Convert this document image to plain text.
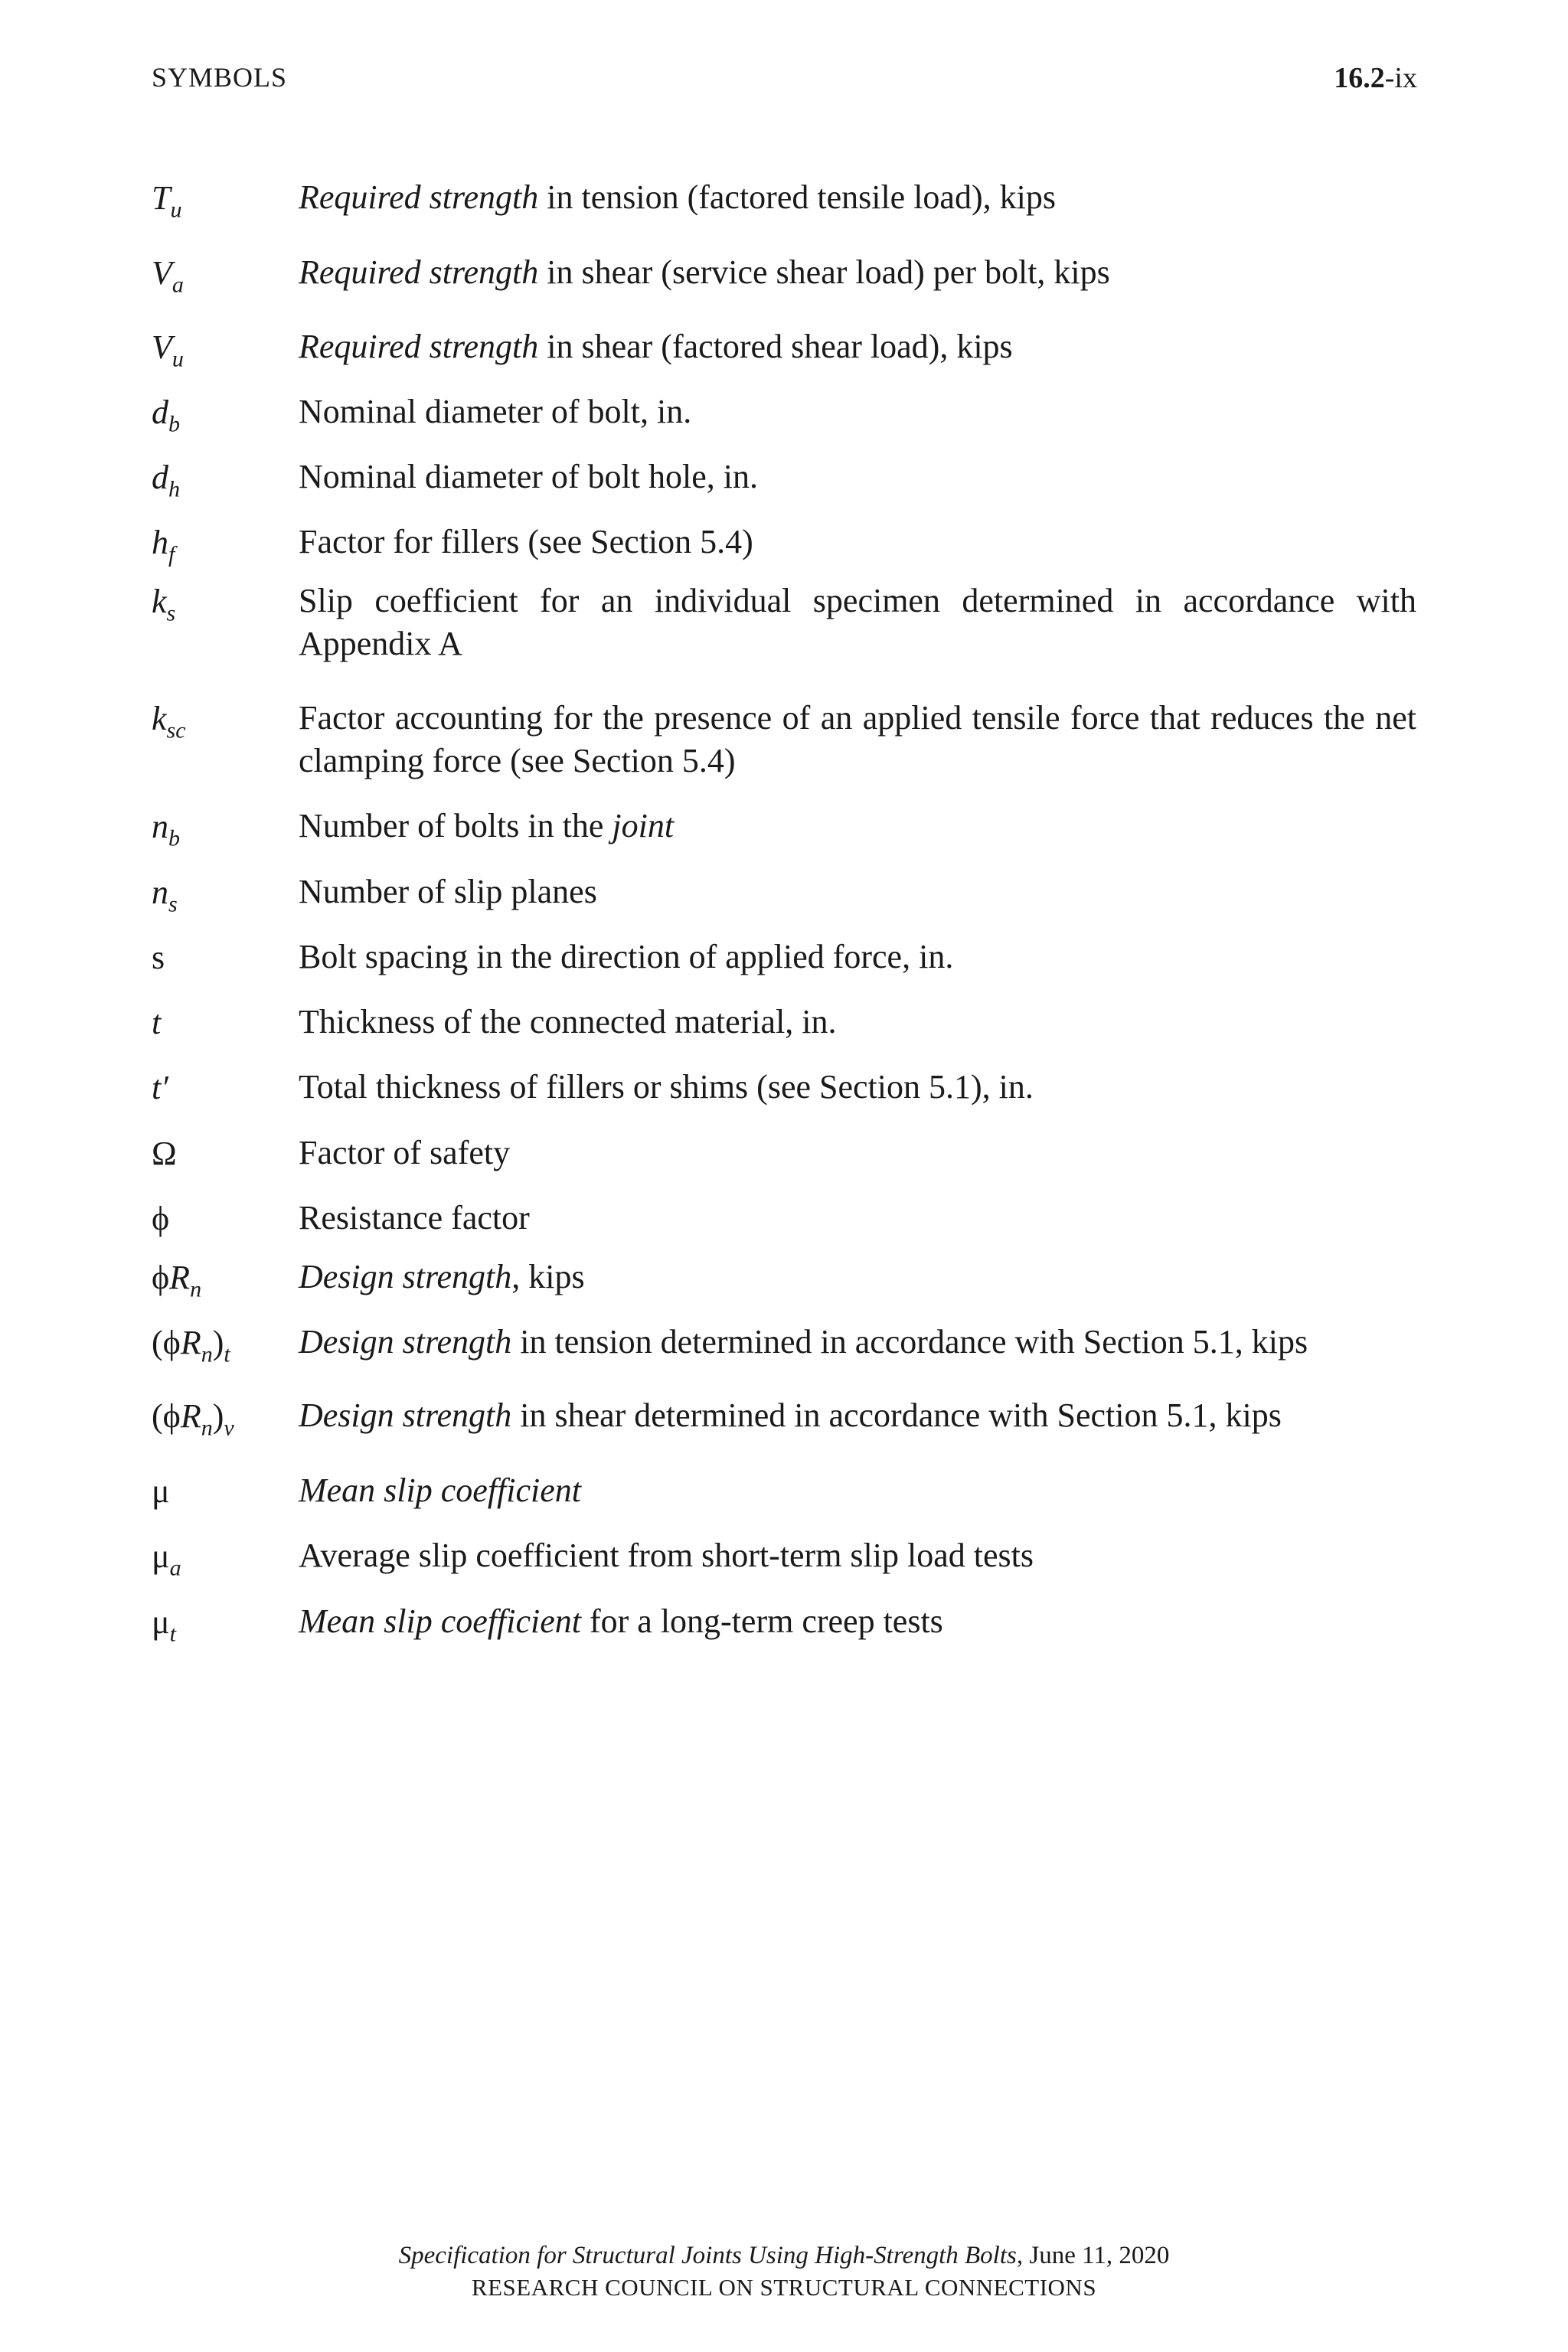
SYMBOLS	16.2-ix
$T_u$	Required strength in tension (factored tensile load), kips
$V_a$	Required strength in shear (service shear load) per bolt, kips
$V_u$	Required strength in shear (factored shear load), kips
$d_b$	Nominal diameter of bolt, in.
$d_h$	Nominal diameter of bolt hole, in.
$h_f$	Factor for fillers (see Section 5.4)
$k_s$	Slip coefficient for an individual specimen determined in accordance with Appendix A
$k_{sc}$	Factor accounting for the presence of an applied tensile force that reduces the net clamping force (see Section 5.4)
$n_b$	Number of bolts in the joint
$n_s$	Number of slip planes
s	Bolt spacing in the direction of applied force, in.
t	Thickness of the connected material, in.
t′	Total thickness of fillers or shims (see Section 5.1), in.
Ω	Factor of safety
ϕ	Resistance factor
$\phi R_n$	Design strength, kips
$(\phi R_n)_t$ Design strength in tension determined in accordance with Section 5.1, kips
$(\phi R_n)_v$ Design strength in shear determined in accordance with Section 5.1, kips
μ	Mean slip coefficient
$\mu_a$	Average slip coefficient from short-term slip load tests
$\mu_t$	Mean slip coefficient for a long-term creep tests
Specification for Structural Joints Using High-Strength Bolts, June 11, 2020
RESEARCH COUNCIL ON STRUCTURAL CONNECTIONS
